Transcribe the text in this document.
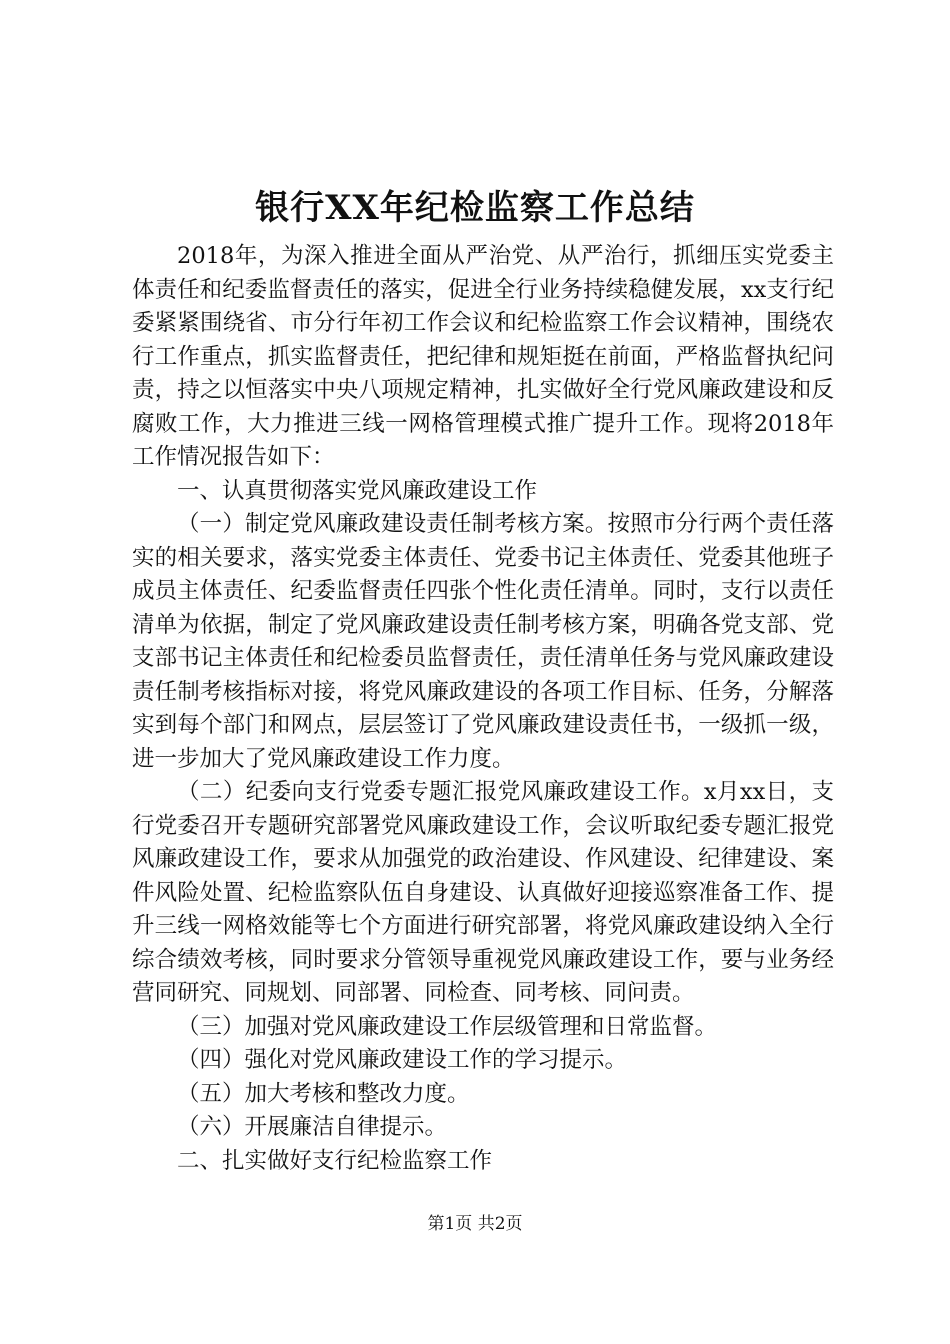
银行XX年纪检监察工作总结

2018年，为深入推进全面从严治党、从严治行，抓细压实党委主体责任和纪委监督责任的落实，促进全行业务持续稳健发展，xx支行纪委紧紧围绕省、市分行年初工作会议和纪检监察工作会议精神，围绕农行工作重点，抓实监督责任，把纪律和规矩挺在前面，严格监督执纪问责，持之以恒落实中央八项规定精神，扎实做好全行党风廉政建设和反腐败工作，大力推进三线一网格管理模式推广提升工作。现将2018年工作情况报告如下：

一、认真贯彻落实党风廉政建设工作

（一）制定党风廉政建设责任制考核方案。按照市分行两个责任落实的相关要求，落实党委主体责任、党委书记主体责任、党委其他班子成员主体责任、纪委监督责任四张个性化责任清单。同时，支行以责任清单为依据，制定了党风廉政建设责任制考核方案，明确各党支部、党支部书记主体责任和纪检委员监督责任，责任清单任务与党风廉政建设责任制考核指标对接，将党风廉政建设的各项工作目标、任务，分解落实到每个部门和网点，层层签订了党风廉政建设责任书，一级抓一级，进一步加大了党风廉政建设工作力度。

（二）纪委向支行党委专题汇报党风廉政建设工作。x月xx日，支行党委召开专题研究部署党风廉政建设工作，会议听取纪委专题汇报党风廉政建设工作，要求从加强党的政治建设、作风建设、纪律建设、案件风险处置、纪检监察队伍自身建设、认真做好迎接巡察准备工作、提升三线一网格效能等七个方面进行研究部署，将党风廉政建设纳入全行综合绩效考核，同时要求分管领导重视党风廉政建设工作，要与业务经营同研究、同规划、同部署、同检查、同考核、同问责。

（三）加强对党风廉政建设工作层级管理和日常监督。

（四）强化对党风廉政建设工作的学习提示。

（五）加大考核和整改力度。

（六）开展廉洁自律提示。

二、扎实做好支行纪检监察工作

第1页 共2页
